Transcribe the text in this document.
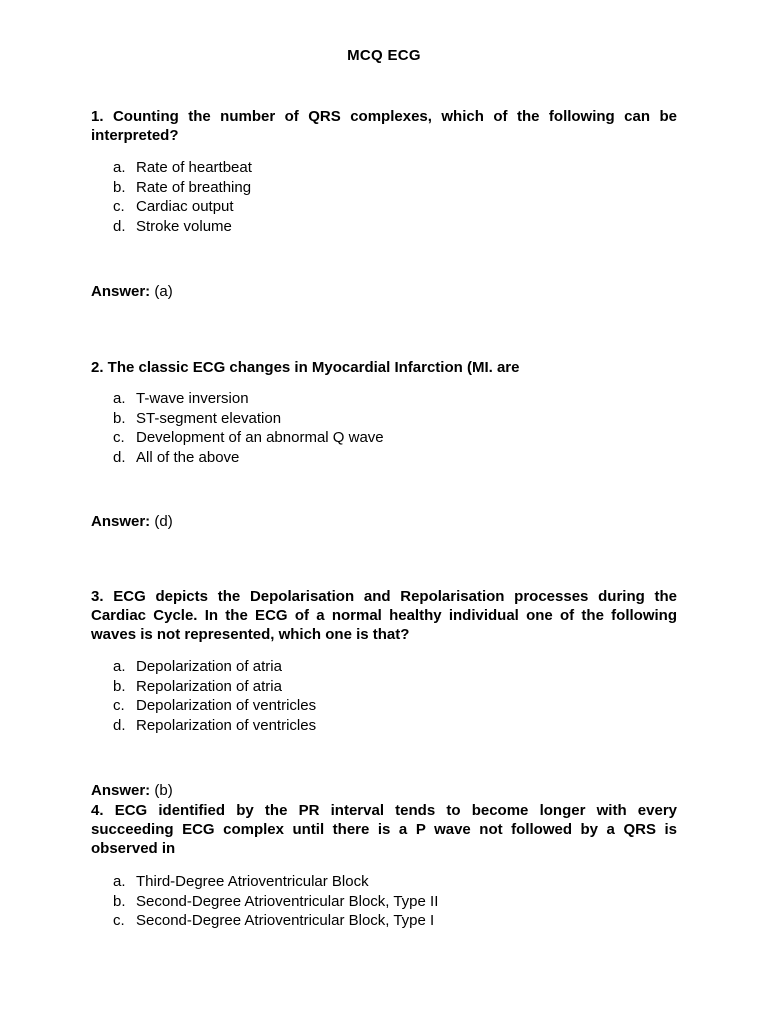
MCQ ECG
1. Counting the number of QRS complexes, which of the following can be interpreted?
a. Rate of heartbeat
b. Rate of breathing
c. Cardiac output
d. Stroke volume
Answer: (a)
2. The classic ECG changes in Myocardial Infarction (MI. are
a. T-wave inversion
b. ST-segment elevation
c. Development of an abnormal Q wave
d. All of the above
Answer: (d)
3. ECG depicts the Depolarisation and Repolarisation processes during the Cardiac Cycle. In the ECG of a normal healthy individual one of the following waves is not represented, which one is that?
a. Depolarization of atria
b. Repolarization of atria
c. Depolarization of ventricles
d. Repolarization of ventricles
Answer: (b)
4. ECG identified by the PR interval tends to become longer with every succeeding ECG complex until there is a P wave not followed by a QRS is observed in
a. Third-Degree Atrioventricular Block
b. Second-Degree Atrioventricular Block, Type II
c. Second-Degree Atrioventricular Block, Type I
